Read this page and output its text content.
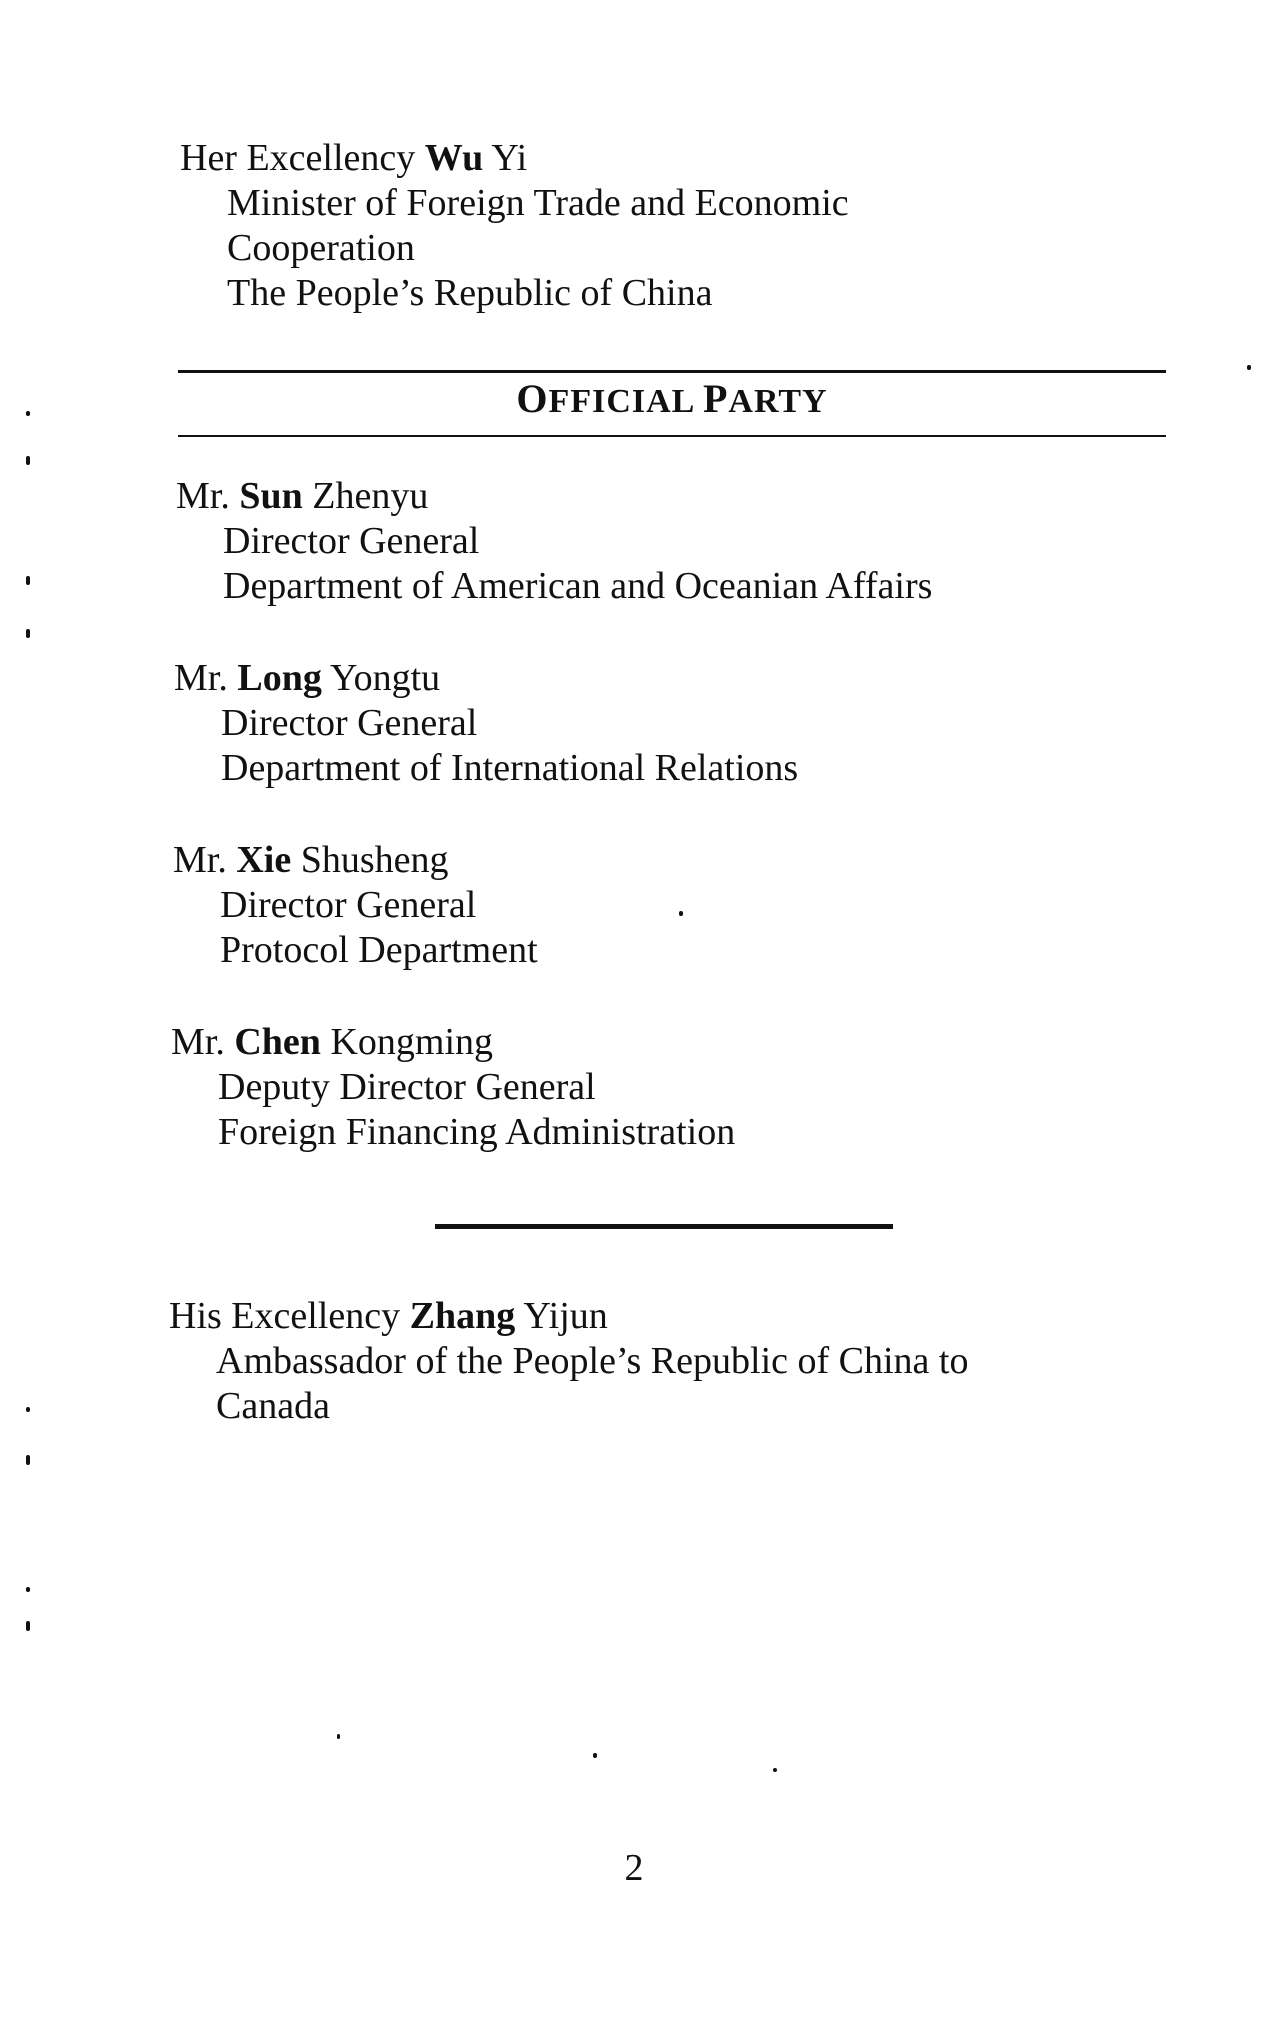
Her Excellency Wu Yi
Minister of Foreign Trade and Economic
Cooperation
The People’s Republic of China
OFFICIAL PARTY
Mr. Sun Zhenyu
Director General
Department of American and Oceanian Affairs
Mr. Long Yongtu
Director General
Department of International Relations
Mr. Xie Shusheng
Director General
Protocol Department
Mr. Chen Kongming
Deputy Director General
Foreign Financing Administration
His Excellency Zhang Yijun
Ambassador of the People’s Republic of China to
Canada
2
